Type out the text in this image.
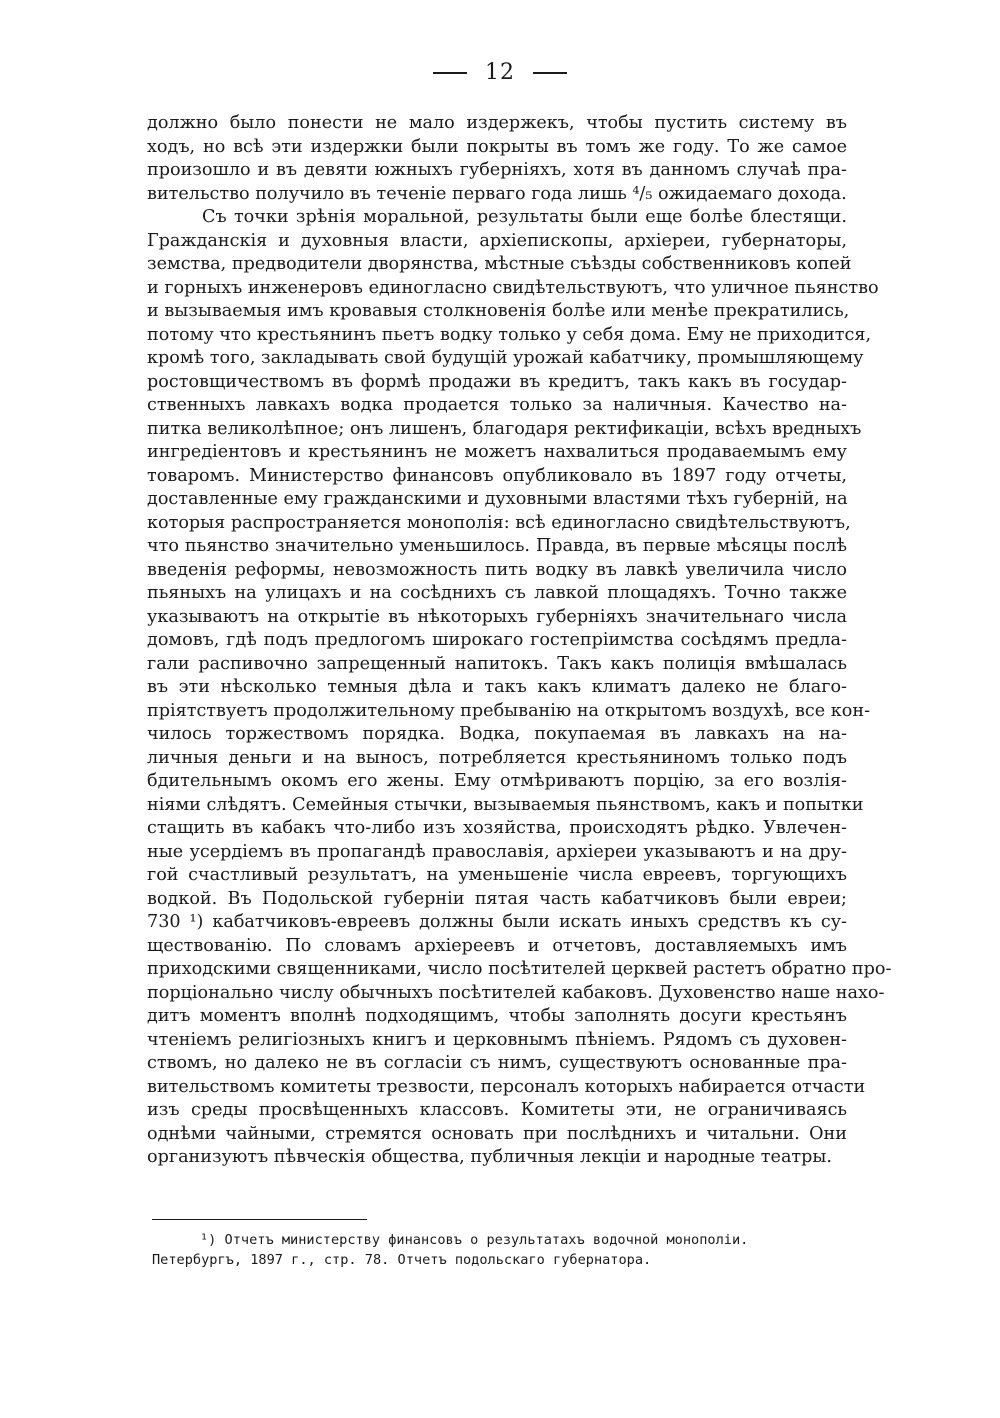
12
должно было понести не мало издержекъ, чтобы пустить систему въ
ходъ, но всѣ эти издержки были покрыты въ томъ же году. То же самое
произошло и въ девяти южныхъ губерніяхъ, хотя въ данномъ случаѣ пра-
вительство получило въ теченіе перваго года лишь ⁴/₅ ожидаемаго дохода.
Съ точки зрѣнія моральной, результаты были еще болѣе блестящи.
Гражданскія и духовныя власти, архіепископы, архіереи, губернаторы,
земства, предводители дворянства, мѣстные съѣзды собственниковъ копей
и горныхъ инженеровъ единогласно свидѣтельствуютъ, что уличное пьянство
и вызываемыя имъ кровавыя столкновенія болѣе или менѣе прекратились,
потому что крестьянинъ пьетъ водку только у себя дома. Ему не приходится,
кромѣ того, закладывать свой будущій урожай кабатчику, промышляющему
ростовщичествомъ въ формѣ продажи въ кредитъ, такъ какъ въ государ-
ственныхъ лавкахъ водка продается только за наличныя. Качество на-
питка великолѣпное; онъ лишенъ, благодаря ректификаціи, всѣхъ вредныхъ
ингредіентовъ и крестьянинъ не можетъ нахвалиться продаваемымъ ему
товаромъ. Министерство финансовъ опубликовало въ 1897 году отчеты,
доставленные ему гражданскими и духовными властями тѣхъ губерній, на
которыя распространяется монополія: всѣ единогласно свидѣтельствуютъ,
что пьянство значительно уменьшилось. Правда, въ первые мѣсяцы послѣ
введенія реформы, невозможность пить водку въ лавкѣ увеличила число
пьяныхъ на улицахъ и на сосѣднихъ съ лавкой площадяхъ. Точно также
указываютъ на открытіе въ нѣкоторыхъ губерніяхъ значительнаго числа
домовъ, гдѣ подъ предлогомъ широкаго гостепріимства сосѣдямъ предла-
гали распивочно запрещенный напитокъ. Такъ какъ полиція вмѣшалась
въ эти нѣсколько темныя дѣла и такъ какъ климатъ далеко не благо-
пріятствуетъ продолжительному пребыванію на открытомъ воздухѣ, все кон-
чилось торжествомъ порядка. Водка, покупаемая въ лавкахъ на на-
личныя деньги и на выносъ, потребляется крестьяниномъ только подъ
бдительнымъ окомъ его жены. Ему отмѣриваютъ порцію, за его возлія-
ніями слѣдятъ. Семейныя стычки, вызываемыя пьянствомъ, какъ и попытки
стащить въ кабакъ что-либо изъ хозяйства, происходятъ рѣдко. Увлечен-
ные усердіемъ въ пропагандѣ православія, архіереи указываютъ и на дру-
гой счастливый результатъ, на уменьшеніе числа евреевъ, торгующихъ
водкой. Въ Подольской губерніи пятая часть кабатчиковъ были евреи;
730 ¹) кабатчиковъ-евреевъ должны были искать иныхъ средствъ къ су-
ществованію. По словамъ архіереевъ и отчетовъ, доставляемыхъ имъ
приходскими священниками, число посѣтителей церквей растетъ обратно про-
порціонально числу обычныхъ посѣтителей кабаковъ. Духовенство наше нахо-
дитъ моментъ вполнѣ подходящимъ, чтобы заполнять досуги крестьянъ
чтеніемъ религіозныхъ книгъ и церковнымъ пѣніемъ. Рядомъ съ духовен-
ствомъ, но далеко не въ согласіи съ нимъ, существуютъ основанные пра-
вительствомъ комитеты трезвости, персоналъ которыхъ набирается отчасти
изъ среды просвѣщенныхъ классовъ. Комитеты эти, не ограничиваясь
однѣми чайными, стремятся основать при послѣднихъ и читальни. Они
организуютъ пѣвческія общества, публичныя лекціи и народные театры.
¹) Отчетъ министерству финансовъ о результатахъ водочной монополіи.
Петербургъ, 1897 г., стр. 78. Отчетъ подольскаго губернатора.
